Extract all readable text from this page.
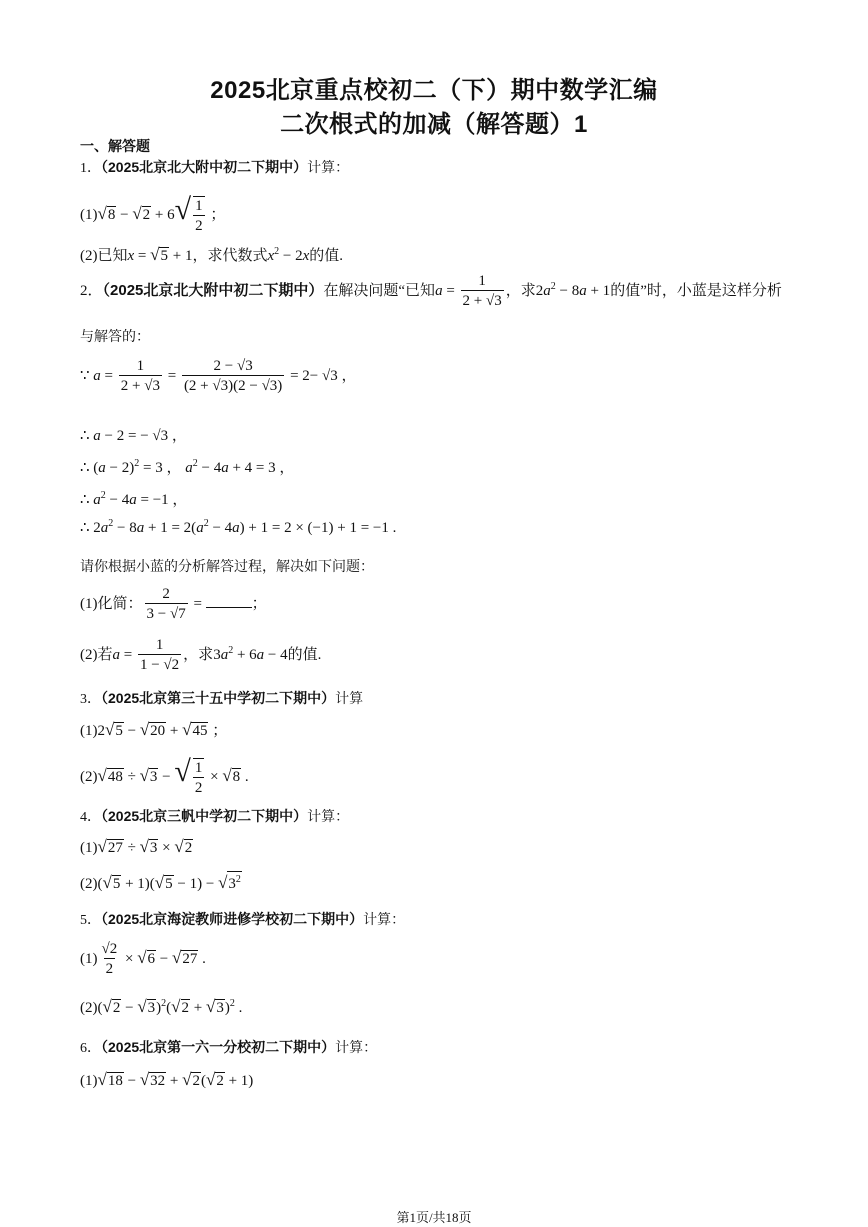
2025北京重点校初二（下）期中数学汇编
二次根式的加减（解答题）1
一、解答题
1．（2025北京北大附中初二下期中）计算：
$(1)√8 - √2 + 6√ \frac{1}{2}$ ；
(2)已知x = √5 + 1，求代数式$x^2 - 2x$的值.
2．（2025北京北大附中初二下期中）在解决问题“已知$a = \frac{1}{2 + √3}$ ，求$2a^2 - 8a + 1$的值”时，小蓝是这样分析
与解答的：
∵ $a = \frac{1}{2 + √3} = \frac{2 - √3}{(2 + √3)(2 - √3)} = 2- √3$ ，
∴ a − 2 = − √3 ，
∴ $(a - 2)^2 = 3$ ， $a^2 - 4a + 4 = 3$ ，
∴ $a^2 - 4a = -1$ ，
∴ $2a^2 - 8a + 1 = 2(a^2 - 4a) + 1 = 2 \times (-1) + 1 = -1$ .
请你根据小蓝的分析解答过程，解决如下问题：
(1)化简： $\frac{2}{3 - √7}$ =	；
(2)若$a = \frac{1}{1 - √2}$ ，求$3a^2 + 6a - 4$的值.
3．（2025北京第三十五中学初二下期中）计算
(1)2√5 − √20 + √45 ；
(2)√48 ÷ √3 − √ $\frac{1}{2} \times √8$ .
4．（2025北京三帆中学初二下期中）计算：
(1)√27 ÷ √3 × √2
$(2)(√5 + 1)(√5 - 1) - √3^2$
5．（2025北京海淀教师进修学校初二下期中）计算：
$(1) \frac{√2}{2} \times √6 - √27$ .
$(2)(√2 - √3)^2(√2 + √3)^2$ .
6．（2025北京第一六一分校初二下期中）计算：
(1)√18 − √32 + √2(√2 + 1)
第1页/共18页
